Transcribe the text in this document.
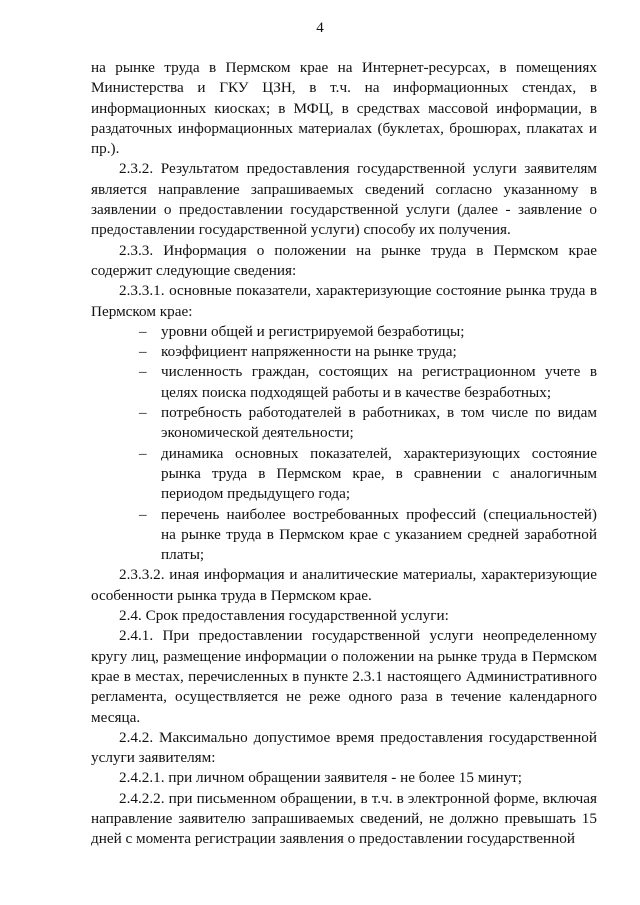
4

на рынке труда в Пермском крае на Интернет-ресурсах, в помещениях Министерства и ГКУ ЦЗН, в т.ч. на информационных стендах, в информационных киосках; в МФЦ, в средствах массовой информации, в раздаточных информационных материалах (буклетах, брошюрах, плакатах и пр.).

2.3.2. Результатом предоставления государственной услуги заявителям является направление запрашиваемых сведений согласно указанному в заявлении о предоставлении государственной услуги (далее - заявление о предоставлении государственной услуги) способу их получения.

2.3.3. Информация о положении на рынке труда в Пермском крае содержит следующие сведения:

2.3.3.1. основные показатели, характеризующие состояние рынка труда в Пермском крае:

– уровни общей и регистрируемой безработицы;
– коэффициент напряженности на рынке труда;
– численность граждан, состоящих на регистрационном учете в целях поиска подходящей работы и в качестве безработных;
– потребность работодателей в работниках, в том числе по видам экономической деятельности;
– динамика основных показателей, характеризующих состояние рынка труда в Пермском крае, в сравнении с аналогичным периодом предыдущего года;
– перечень наиболее востребованных профессий (специальностей) на рынке труда в Пермском крае с указанием средней заработной платы;

2.3.3.2. иная информация и аналитические материалы, характеризующие особенности рынка труда в Пермском крае.

2.4. Срок предоставления государственной услуги:

2.4.1. При предоставлении государственной услуги неопределенному кругу лиц, размещение информации о положении на рынке труда в Пермском крае в местах, перечисленных в пункте 2.3.1 настоящего Административного регламента, осуществляется не реже одного раза в течение календарного месяца.

2.4.2. Максимально допустимое время предоставления государственной услуги заявителям:

2.4.2.1. при личном обращении заявителя - не более 15 минут;

2.4.2.2. при письменном обращении, в т.ч. в электронной форме, включая направление заявителю запрашиваемых сведений, не должно превышать 15 дней с момента регистрации заявления о предоставлении государственной
